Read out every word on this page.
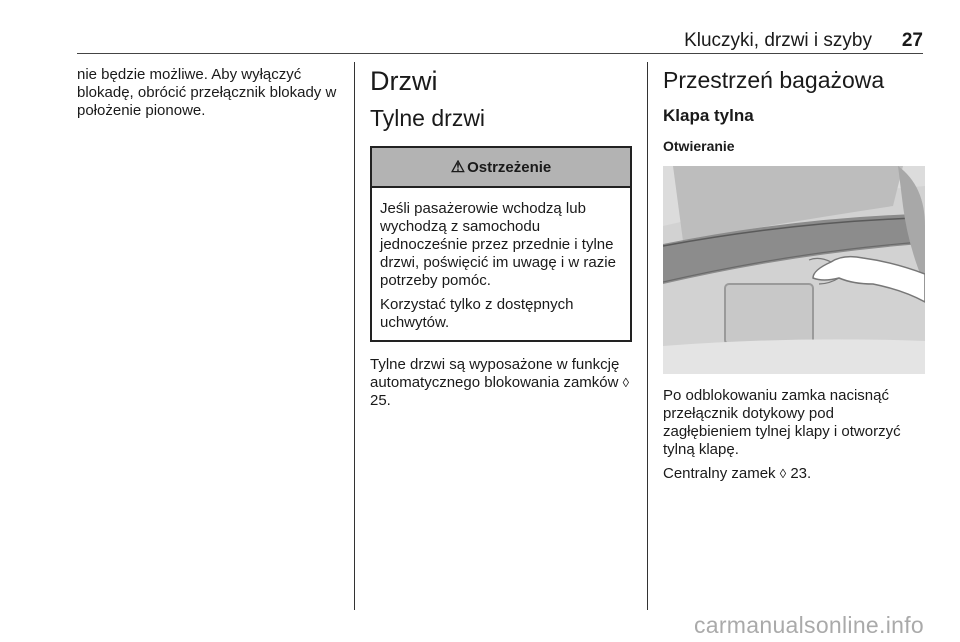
Kluczyki, drzwi i szyby 27

nie będzie możliwe. Aby wyłączyć blokadę, obrócić przełącznik blokady w położenie pionowe.

Drzwi
Tylne drzwi
⚠ Ostrzeżenie

Jeśli pasażerowie wchodzą lub wychodzą z samochodu jednocześnie przez przednie i tylne drzwi, poświęcić im uwagę i w razie potrzeby pomóc.

Korzystać tylko z dostępnych uchwytów.

Tylne drzwi są wyposażone w funkcję automatycznego blokowania zamków ◊ 25.

Przestrzeń bagażowa
Klapa tylna
Otwieranie

Po odblokowaniu zamka nacisnąć przełącznik dotykowy pod zagłębieniem tylnej klapy i otworzyć tylną klapę.

Centralny zamek ◊ 23.

carmanualsonline.info
